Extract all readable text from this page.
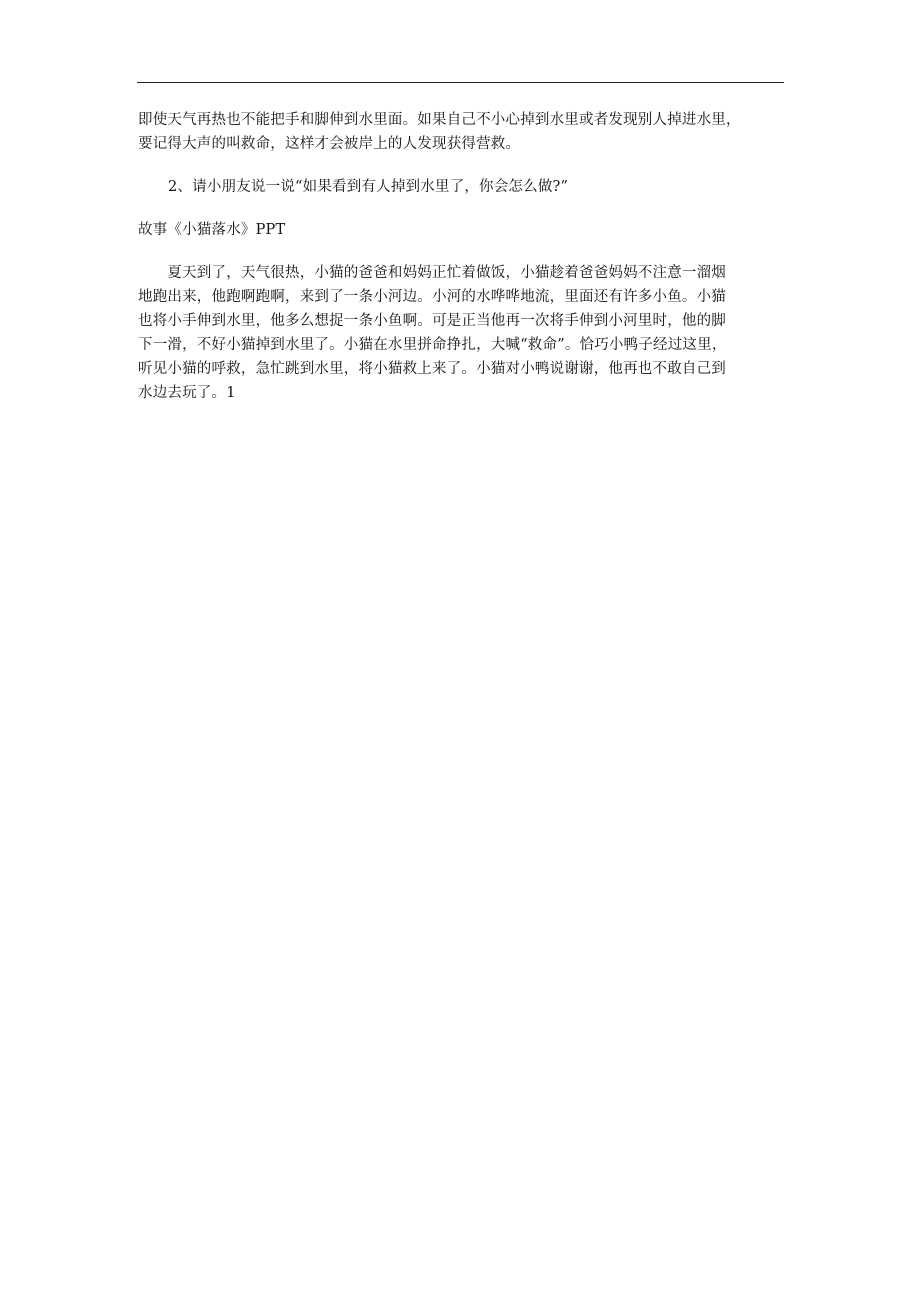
即使天气再热也不能把手和脚伸到水里面。如果自己不小心掉到水里或者发现别人掉进水里，
要记得大声的叫救命，这样才会被岸上的人发现获得营救。

2、请小朋友说一说“如果看到有人掉到水里了，你会怎么做?”

故事《小猫落水》PPT

　　夏天到了，天气很热，小猫的爸爸和妈妈正忙着做饭，小猫趁着爸爸妈妈不注意一溜烟
地跑出来，他跑啊跑啊，来到了一条小河边。小河的水哗哗地流，里面还有许多小鱼。小猫
也将小手伸到水里，他多么想捉一条小鱼啊。可是正当他再一次将手伸到小河里时，他的脚
下一滑，不好小猫掉到水里了。小猫在水里拼命挣扎，大喊“救命”。恰巧小鸭子经过这里，
听见小猫的呼救，急忙跳到水里，将小猫救上来了。小猫对小鸭说谢谢，他再也不敢自己到
水边去玩了。1
